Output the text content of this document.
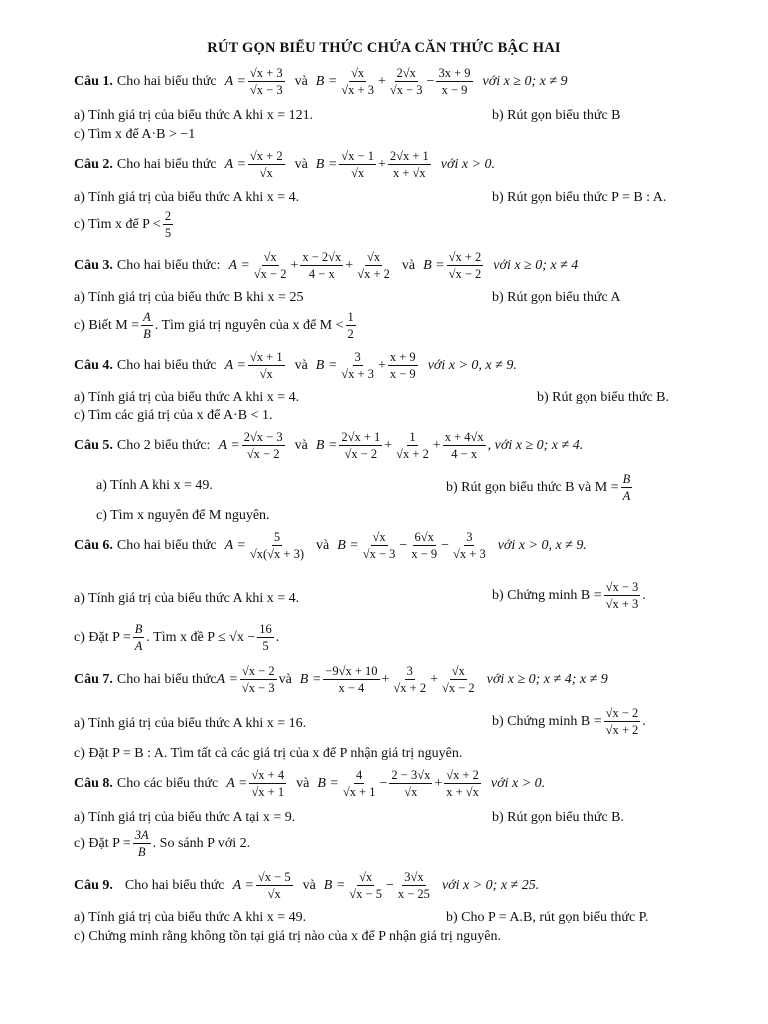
RÚT GỌN BIỂU THỨC CHỨA CĂN THỨC BẬC HAI
Câu 1. Cho hai biểu thức $A = \frac{√x + 3}{√x - 3}$ và $B = \frac{√x}{√x + 3} + \frac{2√x}{√x - 3} - \frac{3x + 9}{x - 9}$ với x ≥ 0; x ≠ 9
a) Tính giá trị của biểu thức A khi x = 121.	b) Rút gọn biểu thức B
c) Tìm x để A·B > −1
Câu 2. Cho hai biểu thức $A = \frac{√x + 2}{√x}$ và $B = \frac{√x - 1}{√x} + \frac{2√x + 1}{x + √x}$ với x > 0.
a) Tính giá trị của biểu thức A khi x = 4.	b) Rút gọn biểu thức P = B : A.
c) Tìm x để $P < \frac{2}{5}$
Câu 3. Cho hai biểu thức: $A = \frac{√x}{√x - 2} + \frac{x - 2√x}{4 - x} + \frac{√x}{√x + 2}$ và $B = \frac{√x + 2}{√x - 2}$ với x ≥ 0; x ≠ 4
a) Tính giá trị của biểu thức B khi x = 25	b) Rút gọn biểu thức A
c) Biết $M = \frac{A}{B}$ . Tìm giá trị nguyên của x để $M < \frac{1}{2}$
Câu 4. Cho hai biểu thức $A = \frac{√x + 1}{√x}$ và $B = \frac{3}{√x + 3} + \frac{x + 9}{x - 9}$ với x > 0, x ≠ 9.
a) Tính giá trị của biểu thức A khi x = 4.	b) Rút gọn biểu thức B.
c) Tìm các giá trị của x để A·B < 1.
Câu 5. Cho 2 biểu thức: $A = \frac{2√x - 3}{√x - 2}$ và $B = \frac{2√x + 1}{√x - 2} + \frac{1}{√x + 2} + \frac{x + 4√x}{4 - x}$ , với x ≥ 0; x ≠ 4.
a) Tính A khi x = 49.	b) Rút gọn biểu thức B và $M = \frac{B}{A}$
c) Tìm x nguyên để M nguyên.
Câu 6. Cho hai biểu thức $A = \frac{5}{√x(√x + 3)}$ và $B = \frac{√x}{√x - 3} - \frac{6√x}{x - 9} - \frac{3}{√x + 3}$ với x > 0, x ≠ 9.
a) Tính giá trị của biểu thức A khi x = 4.	b) Chứng minh $B = \frac{√x - 3}{√x + 3}$ .
c) Đặt $P = \frac{B}{A}$ . Tìm x đề $P \le √x - \frac{16}{5}$ .
Câu 7. Cho hai biểu thức $A = \frac{√x - 2}{√x - 3}$ và $B = \frac{-9√x + 10}{x - 4} + \frac{3}{√x + 2} + \frac{√x}{√x - 2}$ với x ≥ 0; x ≠ 4; x ≠ 9
a) Tính giá trị của biểu thức A khi x = 16.	b) Chứng minh $B = \frac{√x - 2}{√x + 2}$ .
c) Đặt P = B : A. Tìm tất cả các giá trị của x để P nhận giá trị nguyên.
Câu 8. Cho các biểu thức $A = \frac{√x + 4}{√x + 1}$ và $B = \frac{4}{√x + 1} - \frac{2 - 3√x}{√x} + \frac{√x + 2}{x + √x}$ với x > 0.
a) Tính giá trị của biểu thức A tại x = 9.	b) Rút gọn biểu thức B.
c) Đặt $P = \frac{3A}{B}$ . So sánh P với 2.
Câu 9. Cho hai biểu thức $A = \frac{√x - 5}{√x}$ và $B = \frac{√x}{√x - 5} - \frac{3√x}{x - 25}$ với x > 0; x ≠ 25.
a) Tính giá trị của biểu thức A khi x = 49.	b) Cho P = A.B, rút gọn biểu thức P.
c) Chứng minh rằng không tồn tại giá trị nào của x để P nhận giá trị nguyên.
